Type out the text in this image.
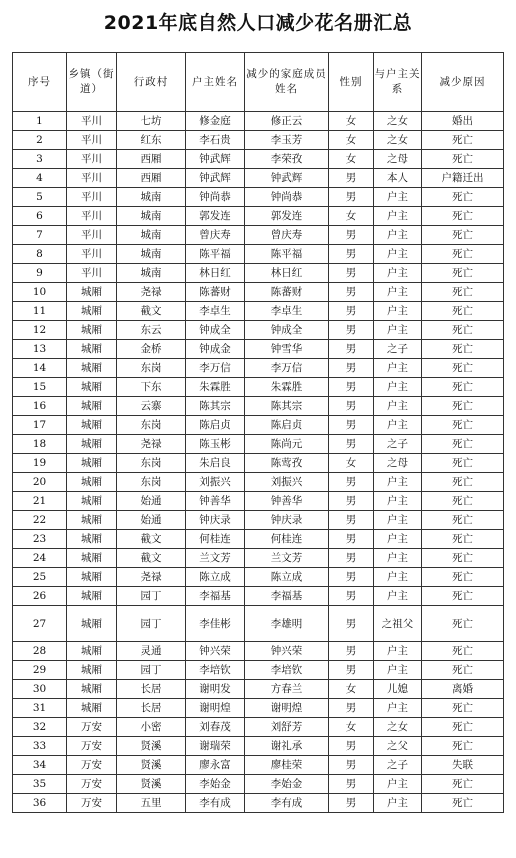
2021年底自然人口减少花名册汇总
序号	乡镇（街道）	行政村	户主姓名	减少的家庭成员姓名	性别	与户主关系	减少原因
1	平川	七坊	修金庭	修正云	女	之女	婚出
2	平川	红东	李石贵	李玉芳	女	之女	死亡
3	平川	西厢	钟武辉	李荣孜	女	之母	死亡
4	平川	西厢	钟武辉	钟武辉	男	本人	户籍迁出
5	平川	城南	钟尚恭	钟尚恭	男	户主	死亡
6	平川	城南	郭发连	郭发连	女	户主	死亡
7	平川	城南	曾庆寿	曾庆寿	男	户主	死亡
8	平川	城南	陈平福	陈平福	男	户主	死亡
9	平川	城南	林日红	林日红	男	户主	死亡
10	城厢	尧禄	陈蕃财	陈蕃财	男	户主	死亡
11	城厢	截文	李卓生	李卓生	男	户主	死亡
12	城厢	东云	钟成全	钟成全	男	户主	死亡
13	城厢	金桥	钟成金	钟雪华	男	之子	死亡
14	城厢	东岗	李万信	李万信	男	户主	死亡
15	城厢	下东	朱霖胜	朱霖胜	男	户主	死亡
16	城厢	云寨	陈其宗	陈其宗	男	户主	死亡
17	城厢	东岗	陈启贞	陈启贞	男	户主	死亡
18	城厢	尧禄	陈玉彬	陈尚元	男	之子	死亡
19	城厢	东岗	朱启良	陈莺孜	女	之母	死亡
20	城厢	东岗	刘振兴	刘振兴	男	户主	死亡
21	城厢	始通	钟善华	钟善华	男	户主	死亡
22	城厢	始通	钟庆录	钟庆录	男	户主	死亡
23	城厢	截文	何桂连	何桂连	男	户主	死亡
24	城厢	截文	兰文芳	兰文芳	男	户主	死亡
25	城厢	尧禄	陈立成	陈立成	男	户主	死亡
26	城厢	园丁	李福基	李福基	男	户主	死亡
27	城厢	园丁	李佳彬	李雄明	男	之祖父	死亡
28	城厢	灵通	钟兴荣	钟兴荣	男	户主	死亡
29	城厢	园丁	李培钦	李培钦	男	户主	死亡
30	城厢	长居	谢明发	方春兰	女	儿媳	离婚
31	城厢	长居	谢明煌	谢明煌	男	户主	死亡
32	万安	小密	刘春茂	刘舒芳	女	之女	死亡
33	万安	贤溪	谢瑞荣	谢礼承	男	之父	死亡
34	万安	贤溪	廖永富	廖桂荣	男	之子	失联
35	万安	贤溪	李始金	李始金	男	户主	死亡
36	万安	五里	李有成	李有成	男	户主	死亡
